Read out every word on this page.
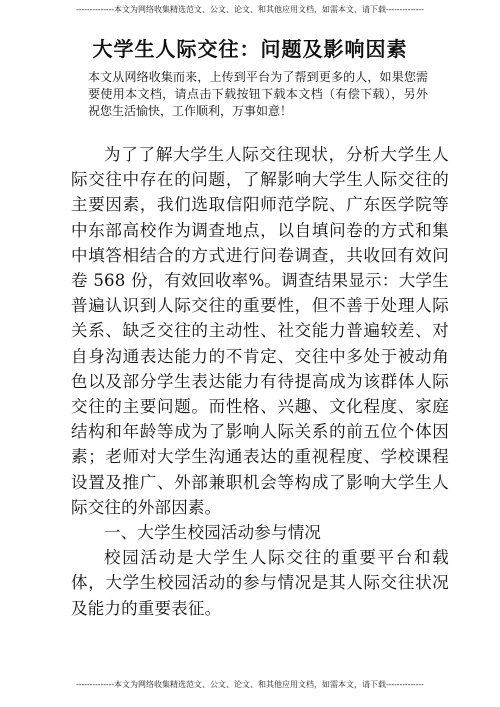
--------------本文为网络收集精选范文、公文、论文、和其他应用文档，如需本文，请下载--------------
大学生人际交往：问题及影响因素
本文从网络收集而来，上传到平台为了帮到更多的人，如果您需要使用本文档，请点击下载按钮下载本文档（有偿下载），另外祝您生活愉快，工作顺利，万事如意！

为了了解大学生人际交往现状，分析大学生人际交往中存在的问题，了解影响大学生人际交往的主要因素，我们选取信阳师范学院、广东医学院等中东部高校作为调查地点，以自填问卷的方式和集中填答相结合的方式进行问卷调查，共收回有效问卷 568 份，有效回收率%。调查结果显示：大学生普遍认识到人际交往的重要性，但不善于处理人际关系、缺乏交往的主动性、社交能力普遍较差、对自身沟通表达能力的不肯定、交往中多处于被动角色以及部分学生表达能力有待提高成为该群体人际交往的主要问题。而性格、兴趣、文化程度、家庭结构和年龄等成为了影响人际关系的前五位个体因素；老师对大学生沟通表达的重视程度、学校课程设置及推广、外部兼职机会等构成了影响大学生人际交往的外部因素。

一、大学生校园活动参与情况

校园活动是大学生人际交往的重要平台和载体，大学生校园活动的参与情况是其人际交往状况及能力的重要表征。

--------------本文为网络收集精选范文、公文、论文、和其他应用文档，如需本文，请下载--------------
